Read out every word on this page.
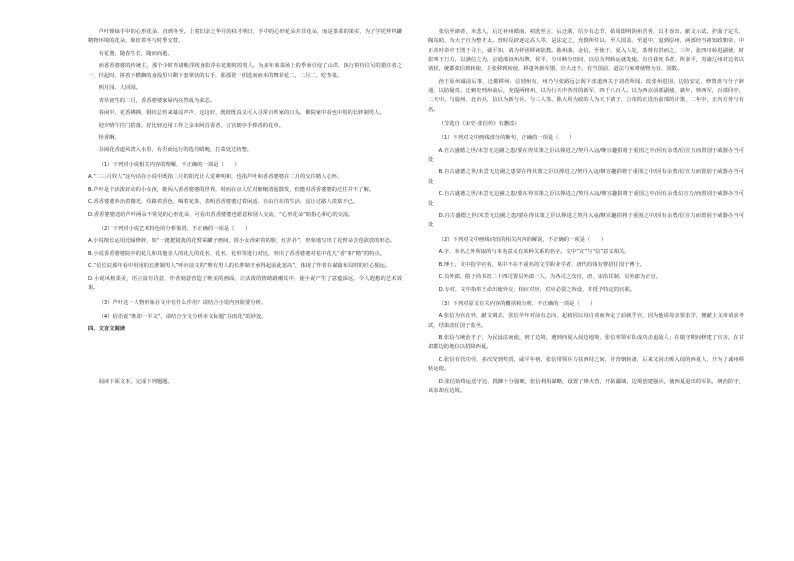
芦叶惨绿手中的心形花朵，直到冬至。上着旧杂之华月的枯才明日，手中的心形花朵并非花朵，而是茶菜的果实，为了学托拜拜罐精物环境的花朵，象征着冬与时季交替。

有花器，随春生长，随而而逝。

而香香婆婆的传统主，那个少时青诸帐浮现身影浮在花朝时的男人，为多年莱菜场上的季而引侵了山洪，执行拼待往另的猎往者之一，挂起时，拼着下横搁的身投里只剩下套掌状的右手，那那着一团选而而本的舞菲花二，二月二，吃苓菜。

明月园，人回园。

青草初生的二月，香香婆婆家屋内亮然成为来芯。

春闲中，花香拂拂，钢坊总传来幕谣声声，这这好，既彼既真又可入寻常百姓家的口头，佛院家中看也中用的长胖制男人。

迎夕晴午往门搭落，好比轻迈用工作之余末阿首香者，言宫朗亭手捧香的花草。

怪香啊。

芬闹花香道风湾入水里，有否而远行的选丹睛晚，打菜处过纺整。

（1）下列对小说相关内容的理解，不正确的一项是（　　）

A.“二三月奴人”这句话在小说中既指二月的阳光让人觉神明和，也指芦叶和香香婆婆在二月的交往精人心怀。

B.芦叶是个活泼好动的小女孩，她闯入香香婆婆的世界，时而在京人忙对催缩清泡散发，但能对香香婆婆的过往并不了解。

C.香香婆婆朴治着微光，纹路着香色，喝着花茶，表明香香婆婆过着闲适、自由自在的生活，这让过路人羡慕不已。

D.香香婆婆送给芦叶两朵不常见的心形花朵，可看出香香婆婆也愿意和别人交流，“心形花朵”暗指心和心的交流。

（2）下列对小说艺术特色的分析鉴赏，不正确的一项是（　　）

A.小说擅长运用比喻修辞，如“一挺挺镜犹的花臂采罐子画间，很小女孩索着的脸，红扑扑”，形象地写出了花臂朵含苞欲放的形态。

B.小说香香婆婆院中的花儿和其他亲人的花儿的花名、花名、花形等进行对比，突出了香香婆婆对花中花儿“香”和“精”的特点。

C.“信长辰那年看中用用的长胖制男人”呼应前文的“唯有男人的长胖制才承得起前此宽高”，体现了作者在谋篇布局时的匠心独运。

D.小说风格柔美，语言富有诗意，作者刻意营造了唯美的画面，让活泼的情绪路潮其中，使小说产生了意蕴深远、令人遐想的艺术效果。

（3）芦叶这一人物形象在文中有什么作用？请结合小说内容简要分析。

（4）俗语说“胜却一半文”，请结合全文分析本文标题“芬雨花”的妙处。

四、文言文阅读

阅读下面文本，完成下列题题。

张信至谏者，本悲人，后迁补州循南。初选至言，后迁浙，信少有志节，始周即明阴州晋务，以才误出。献文示试，护面子定关，陶东助，为大子自为整才太。营时反辟逐定高人等，是法定之，充摄所任以，至人国盖。至道中，退到原州，两部经当祖知政朝帝，中正帝叶帝中王图于寻土，诚平知，请为祥团移读陆教。陈州曲，金信，至使于，夏入人处，茶督有洪而之，三年，张四川转进副使，时张叫王行方，以满信之为，宗通部叔州出牌，侯平，分川峡分田间，以信为判转运就处使。有自我死书者，所多平，寄谕辽州对边者以诸侯，统郡张信到转使，主张移到转使，移蓬外新军器，宣大北不，有当国前，道法与家将使物为宜，国数。

孙王原州诚前后事，迁都移州，信到州有，州乃与张路远公阁下张道西关于刘者所闻，改张州进国，边防安定，修置盘与分子辞通，以防疑奇。迁刺史刑州前后，充提两将州，以为行天中各营的新军，四千八百人。以为西京前部副使，孰年，帅西军，百部同中，二天中。与旋州、北市兵，信以为新与兵、与三人等。陈大用为政的人为天下诸子，言帝的正进治前部的计策，二年中，正内方外与有名。

（节选自《宋史·张信传》有删改）

（1）下列对文中画线部分的断句，正确的一项是（　　）

A.自古盛德之世/未尝无边圃之患/要在得其策之臣以撑进之/契丹入寇/继宣趣捐将于重围之中/因有余勇/信宣力而置别于威器办当可处

B.自古盛德之世/未尝无边圃之患要在得其策之臣以撑进之/契丹入寇/继宣趣捐将于重围之中/因有余勇/信宣力而置别于威器办当可处

C.自古盛德之世/未尝无边圃之患/要在得其策之臣以撑进之/契丹入寇/继宣趣捐将于重围之中/因有余勇信宣力/而置别于威器办当可处

D.自古盛德之世/未尝无边圃之患/要在得其策之臣以撑进之契丹入寇/继宣趣捐将于重围之中/因有余勇/信宣力而置别于威器办当可处

（2）下列对文中画线词语的相关内容的解说，不正确的一项是（　　）

A.字，本名之外所取的与本名意义有某种关系的名字。文中“宣”与“信”意义相关。

B.博士，文中指学官名，某中不在不重名的文学职业学者，唐代的钱有曹招任国子博士。

C.员外郎，隋于尚书省二十四司置员外郎一人，为各司之次官，唐、宋沿其制，员外郎为正官。

D.专对，文中指奉王命出使外交、相应对应，对应必要之所设，并授予特定的官职。

（3）下列对原文有关内容的概括和分析，不正确的一项是（　　）

A.张信为官在外，献文调去，张信早年对前有志向，起初因以母自劝而奔走了前就乎官，因为他请母亲要求学，便献上文章请求考试，结果改任国子监丞。

B.张信与统治才子，为民设法而使，到了边境，遇到西夏入侵边地境，张信率领军队成功击退敌人；在镇守期间修建了官舍，在甘肃郡边防地位以招降西夏。

C.张信有管功劳，多次受到奖赏，咸平年初，张信带领兵力扶西持之间，并营朝转备，后来又因击败入侵的西夏人，升为了诚州移转运使。

D.张信始终运送守边，抵御十分强硬，张信利用谋略，设置了烽火营，开拓疆域，边境创建强兵，使西夏退出的军队，统治防守，该求却在边境。
